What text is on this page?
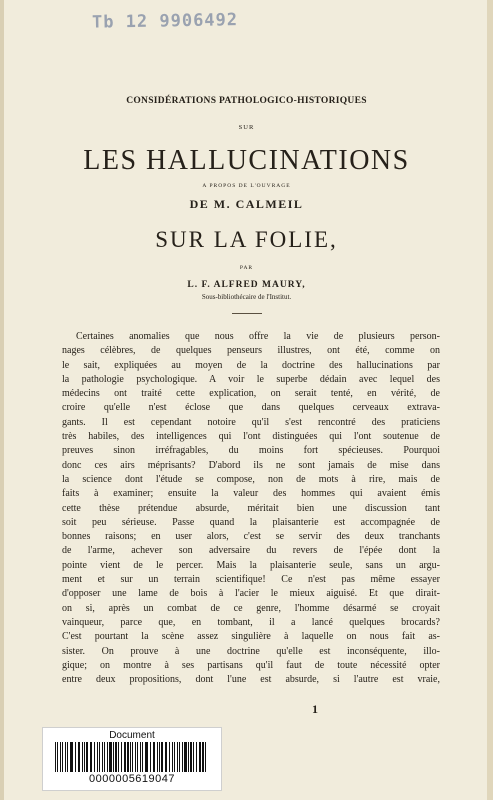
Tb 12 9906492
CONSIDÉRATIONS PATHOLOGICO-HISTORIQUES
SUR
LES HALLUCINATIONS
A PROPOS DE L'OUVRAGE
DE M. CALMEIL
SUR LA FOLIE,
PAR
L. F. ALFRED MAURY,
Sous-bibliothécaire de l'Institut.
Certaines anomalies que nous offre la vie de plusieurs person-
nages célèbres, de quelques penseurs illustres, ont été, comme on
le sait, expliquées au moyen de la doctrine des hallucinations par
la pathologie psychologique. A voir le superbe dédain avec lequel des
médecins ont traité cette explication, on serait tenté, en vérité, de
croire qu'elle n'est éclose que dans quelques cerveaux extrava-
gants. Il est cependant notoire qu'il s'est rencontré des praticiens
très habiles, des intelligences qui l'ont distinguées qui l'ont soutenue de
preuves sinon irréfragables, du moins fort spécieuses. Pourquoi
donc ces airs méprisants? D'abord ils ne sont jamais de mise dans
la science dont l'étude se compose, non de mots à rire, mais de
faits à examiner; ensuite la valeur des hommes qui avaient émis
cette thèse prétendue absurde, méritait bien une discussion tant
soit peu sérieuse. Passe quand la plaisanterie est accompagnée de
bonnes raisons; en user alors, c'est se servir des deux tranchants
de l'arme, achever son adversaire du revers de l'épée dont la
pointe vient de le percer. Mais la plaisanterie seule, sans un argu-
ment et sur un terrain scientifique! Ce n'est pas même essayer
d'opposer une lame de bois à l'acier le mieux aiguisé. Et que dirait-
on si, après un combat de ce genre, l'homme désarmé se croyait
vainqueur, parce que, en tombant, il a lancé quelques brocards?
C'est pourtant la scène assez singulière à laquelle on nous fait as-
sister. On prouve à une doctrine qu'elle est inconséquente, illo-
gique; on montre à ses partisans qu'il faut de toute nécessité opter
entre deux propositions, dont l'une est absurde, si l'autre est vraie,
1
Document
0000005619047
